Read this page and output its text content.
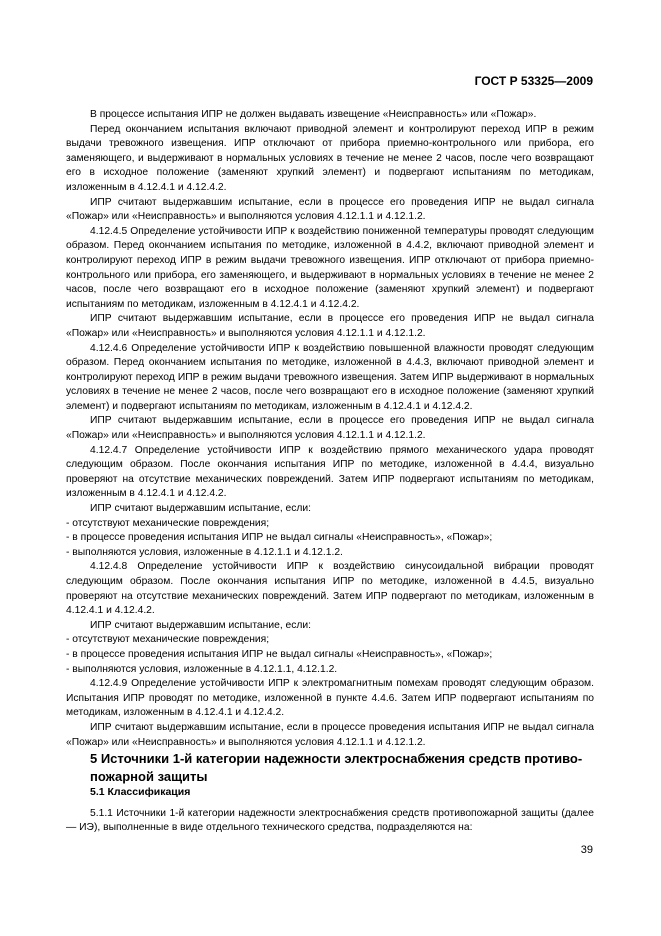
ГОСТ Р 53325—2009

В процессе испытания ИПР не должен выдавать извещение «Неисправность» или «Пожар».

Перед окончанием испытания включают приводной элемент и контролируют переход ИПР в режим выдачи тревожного извещения. ИПР отключают от прибора приемно-контрольного или прибора, его заменяющего, и выдерживают в нормальных условиях в течение не менее 2 часов, после чего возвращают его в исходное положение (заменяют хрупкий элемент) и подвергают испытаниям по методикам, изложенным в 4.12.4.1 и 4.12.4.2.

ИПР считают выдержавшим испытание, если в процессе его проведения ИПР не выдал сигнала «Пожар» или «Неисправность» и выполняются условия 4.12.1.1 и 4.12.1.2.

4.12.4.5 Определение устойчивости ИПР к воздействию пониженной температуры проводят следующим образом. Перед окончанием испытания по методике, изложенной в 4.4.2, включают приводной элемент и контролируют переход ИПР в режим выдачи тревожного извещения. ИПР отключают от прибора приемно-контрольного или прибора, его заменяющего, и выдерживают в нормальных условиях в течение не менее 2 часов, после чего возвращают его в исходное положение (заменяют хрупкий элемент) и подвергают испытаниям по методикам, изложенным в 4.12.4.1 и 4.12.4.2.

ИПР считают выдержавшим испытание, если в процессе его проведения ИПР не выдал сигнала «Пожар» или «Неисправность» и выполняются условия 4.12.1.1 и 4.12.1.2.

4.12.4.6 Определение устойчивости ИПР к воздействию повышенной влажности проводят следующим образом. Перед окончанием испытания по методике, изложенной в 4.4.3, включают приводной элемент и контролируют переход ИПР в режим выдачи тревожного извещения. Затем ИПР выдерживают в нормальных условиях в течение не менее 2 часов, после чего возвращают его в исходное положение (заменяют хрупкий элемент) и подвергают испытаниям по методикам, изложенным в 4.12.4.1 и 4.12.4.2.

ИПР считают выдержавшим испытание, если в процессе его проведения ИПР не выдал сигнала «Пожар» или «Неисправность» и выполняются условия 4.12.1.1 и 4.12.1.2.

4.12.4.7 Определение устойчивости ИПР к воздействию прямого механического удара проводят следующим образом. После окончания испытания ИПР по методике, изложенной в 4.4.4, визуально проверяют на отсутствие механических повреждений. Затем ИПР подвергают испытаниям по методикам, изложенным в 4.12.4.1 и 4.12.4.2.

ИПР считают выдержавшим испытание, если:

- отсутствуют механические повреждения;

- в процессе проведения испытания ИПР не выдал сигналы «Неисправность», «Пожар»;

- выполняются условия, изложенные в 4.12.1.1 и 4.12.1.2.

4.12.4.8 Определение устойчивости ИПР к воздействию синусоидальной вибрации проводят следующим образом. После окончания испытания ИПР по методике, изложенной в 4.4.5, визуально проверяют на отсутствие механических повреждений. Затем ИПР подвергают по методикам, изложенным в 4.12.4.1 и 4.12.4.2.

ИПР считают выдержавшим испытание, если:

- отсутствуют механические повреждения;

- в процессе проведения испытания ИПР не выдал сигналы «Неисправность», «Пожар»;

- выполняются условия, изложенные в 4.12.1.1, 4.12.1.2.

4.12.4.9 Определение устойчивости ИПР к электромагнитным помехам проводят следующим образом. Испытания ИПР проводят по методике, изложенной в пункте 4.4.6. Затем ИПР подвергают испытаниям по методикам, изложенным в 4.12.4.1 и 4.12.4.2.

ИПР считают выдержавшим испытание, если в процессе проведения испытания ИПР не выдал сигнала «Пожар» или «Неисправность» и выполняются условия 4.12.1.1 и 4.12.1.2.

5 Источники 1-й категории надежности электроснабжения средств противо-
пожарной защиты

5.1 Классификация

5.1.1 Источники 1-й категории надежности электроснабжения средств противопожарной защиты (далее — ИЭ), выполненные в виде отдельного технического средства, подразделяются на:

39
